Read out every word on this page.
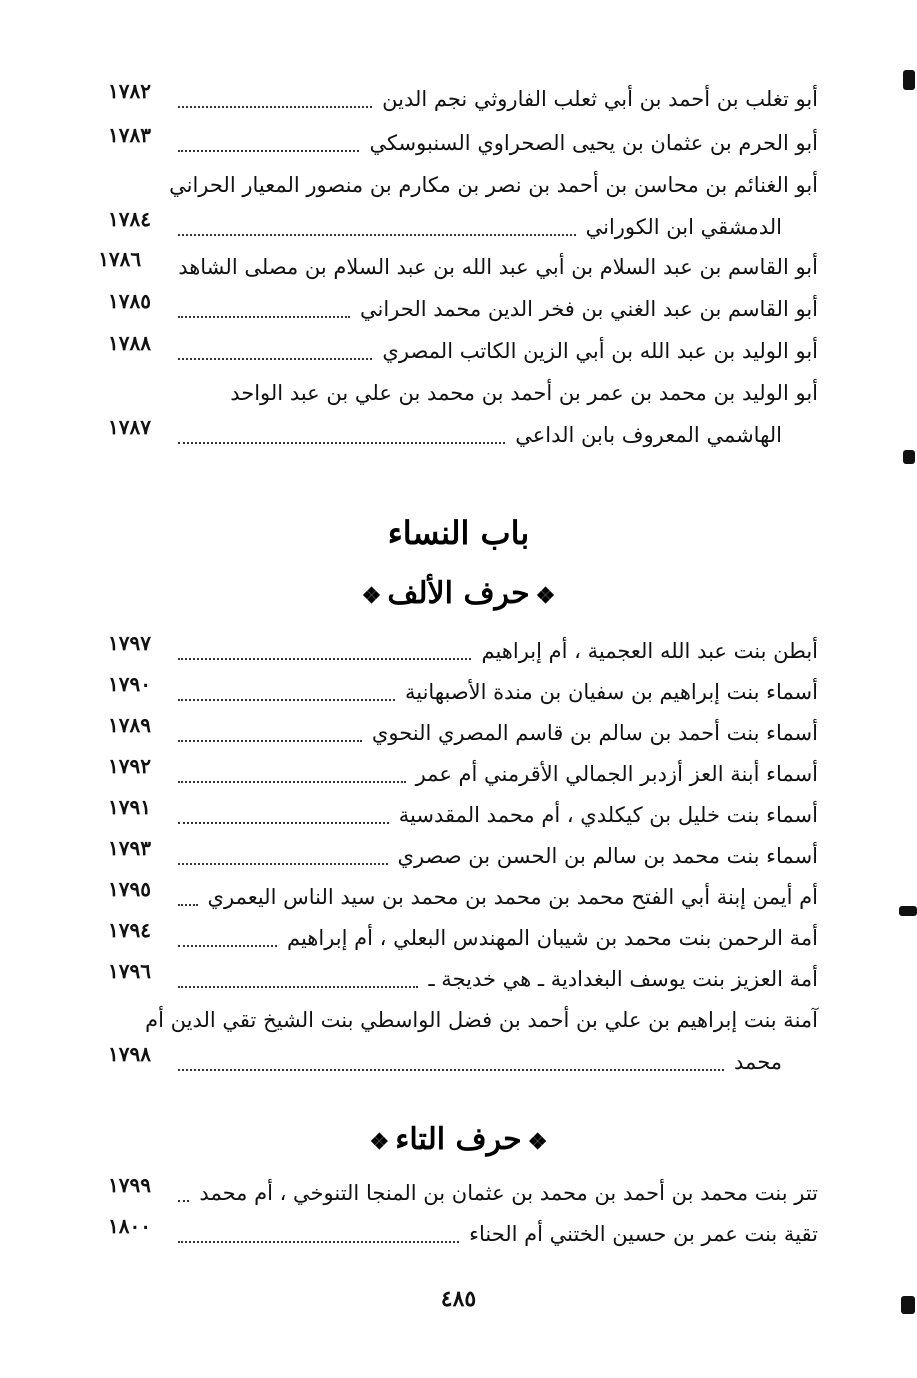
أبو تغلب بن أحمد بن أبي ثعلب الفاروثي نجم الدين
١٧٨٢
أبو الحرم بن عثمان بن يحيى الصحراوي السنبوسكي
١٧٨٣
أبو الغنائم بن محاسن بن أحمد بن نصر بن مكارم بن منصور المعيار الحراني
الدمشقي ابن الكوراني
١٧٨٤
أبو القاسم بن عبد السلام بن أبي عبد الله بن عبد السلام بن مصلى الشاهد
١٧٨٦
أبو القاسم بن عبد الغني بن فخر الدين محمد الحراني
١٧٨٥
أبو الوليد بن عبد الله بن أبي الزين الكاتب المصري
١٧٨٨
أبو الوليد بن محمد بن عمر بن أحمد بن محمد بن علي بن عبد الواحد
الهاشمي المعروف بابن الداعي
١٧٨٧
باب النساء
❖حرف الألف❖
أبطن بنت عبد الله العجمية ، أم إبراهيم
١٧٩٧
أسماء بنت إبراهيم بن سفيان بن مندة الأصبهانية
١٧٩٠
أسماء بنت أحمد بن سالم بن قاسم المصري النحوي
١٧٨٩
أسماء أبنة العز أزدبر الجمالي الأقرمني أم عمر
١٧٩٢
أسماء بنت خليل بن كيكلدي ، أم محمد المقدسية
١٧٩١
أسماء بنت محمد بن سالم بن الحسن بن صصري
١٧٩٣
أم أيمن إبنة أبي الفتح محمد بن محمد بن محمد بن سيد الناس اليعمري
١٧٩٥
أمة الرحمن بنت محمد بن شيبان المهندس البعلي ، أم إبراهيم
١٧٩٤
أمة العزيز بنت يوسف البغدادية ـ هي خديجة ـ
١٧٩٦
آمنة بنت إبراهيم بن علي بن أحمد بن فضل الواسطي بنت الشيخ تقي الدين أم
محمد
١٧٩٨
❖حرف التاء❖
تتر بنت محمد بن أحمد بن محمد بن عثمان بن المنجا التنوخي ، أم محمد
١٧٩٩
تقية بنت عمر بن حسين الختني أم الحناء
١٨٠٠
٤٨٥
